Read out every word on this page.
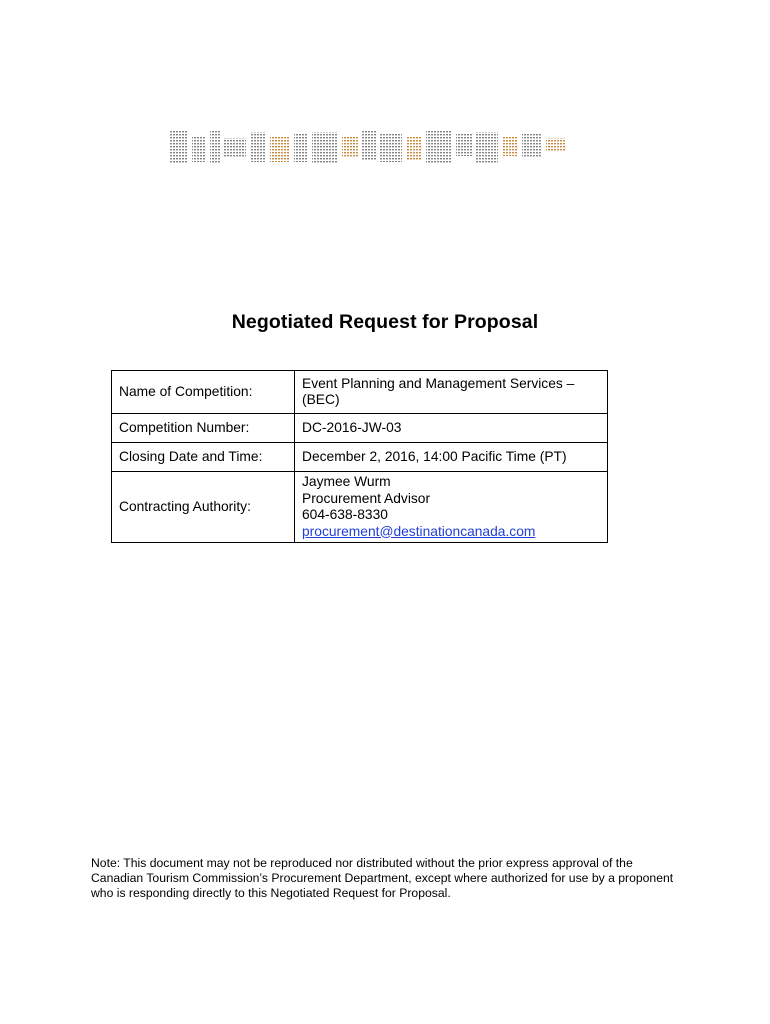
Negotiated Request for Proposal
Name of Competition:	Event Planning and Management Services – (BEC)
Competition Number:	DC-2016-JW-03
Closing Date and Time:	December 2, 2016, 14:00 Pacific Time (PT)
Contracting Authority:	Jaymee Wurm
Procurement Advisor
604-638-8330
procurement@destinationcanada.com
Note: This document may not be reproduced nor distributed without the prior express approval of the Canadian Tourism Commission’s Procurement Department, except where authorized for use by a proponent who is responding directly to this Negotiated Request for Proposal.
